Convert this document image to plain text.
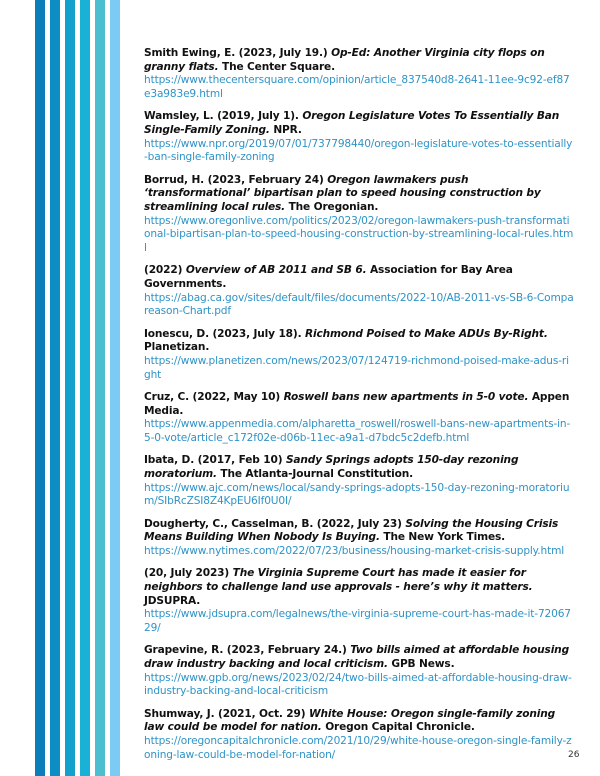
Smith Ewing, E. (2023, July 19.) Op-Ed: Another Virginia city flops on granny flats. The Center Square.
https://www.thecentersquare.com/opinion/article_837540d8-2641-11ee-9c92-ef87e3a983e9.html
Wamsley, L. (2019, July 1). Oregon Legislature Votes To Essentially Ban Single-Family Zoning. NPR.
https://www.npr.org/2019/07/01/737798440/oregon-legislature-votes-to-essentially-ban-single-family-zoning
Borrud, H. (2023, February 24) Oregon lawmakers push ‘transformational’ bipartisan plan to speed housing construction by streamlining local rules. The Oregonian.
https://www.oregonlive.com/politics/2023/02/oregon-lawmakers-push-transformational-bipartisan-plan-to-speed-housing-construction-by-streamlining-local-rules.html
(2022) Overview of AB 2011 and SB 6. Association for Bay Area Governments.
https://abag.ca.gov/sites/default/files/documents/2022-10/AB-2011-vs-SB-6-Compareason-Chart.pdf
Ionescu, D. (2023, July 18). Richmond Poised to Make ADUs By-Right. Planetizan.
https://www.planetizen.com/news/2023/07/124719-richmond-poised-make-adus-right
Cruz, C. (2022, May 10) Roswell bans new apartments in 5-0 vote. Appen Media.
https://www.appenmedia.com/alpharetta_roswell/roswell-bans-new-apartments-in-5-0-vote/article_c172f02e-d06b-11ec-a9a1-d7bdc5c2defb.html
Ibata, D. (2017, Feb 10) Sandy Springs adopts 150-day rezoning moratorium. The Atlanta-Journal Constitution.
https://www.ajc.com/news/local/sandy-springs-adopts-150-day-rezoning-moratorium/SIbRcZSI8Z4KpEU6If0U0I/
Dougherty, C., Casselman, B. (2022, July 23) Solving the Housing Crisis Means Building When Nobody Is Buying. The New York Times.
https://www.nytimes.com/2022/07/23/business/housing-market-crisis-supply.html
(20, July 2023) The Virginia Supreme Court has made it easier for neighbors to challenge land use approvals - here’s why it matters. JDSUPRA.
https://www.jdsupra.com/legalnews/the-virginia-supreme-court-has-made-it-7206729/
Grapevine, R. (2023, February 24.) Two bills aimed at affordable housing draw industry backing and local criticism. GPB News.
https://www.gpb.org/news/2023/02/24/two-bills-aimed-at-affordable-housing-draw-industry-backing-and-local-criticism
Shumway, J. (2021, Oct. 29) White House: Oregon single-family zoning law could be model for nation. Oregon Capital Chronicle.
https://oregoncapitalchronicle.com/2021/10/29/white-house-oregon-single-family-zoning-law-could-be-model-for-nation/	26
